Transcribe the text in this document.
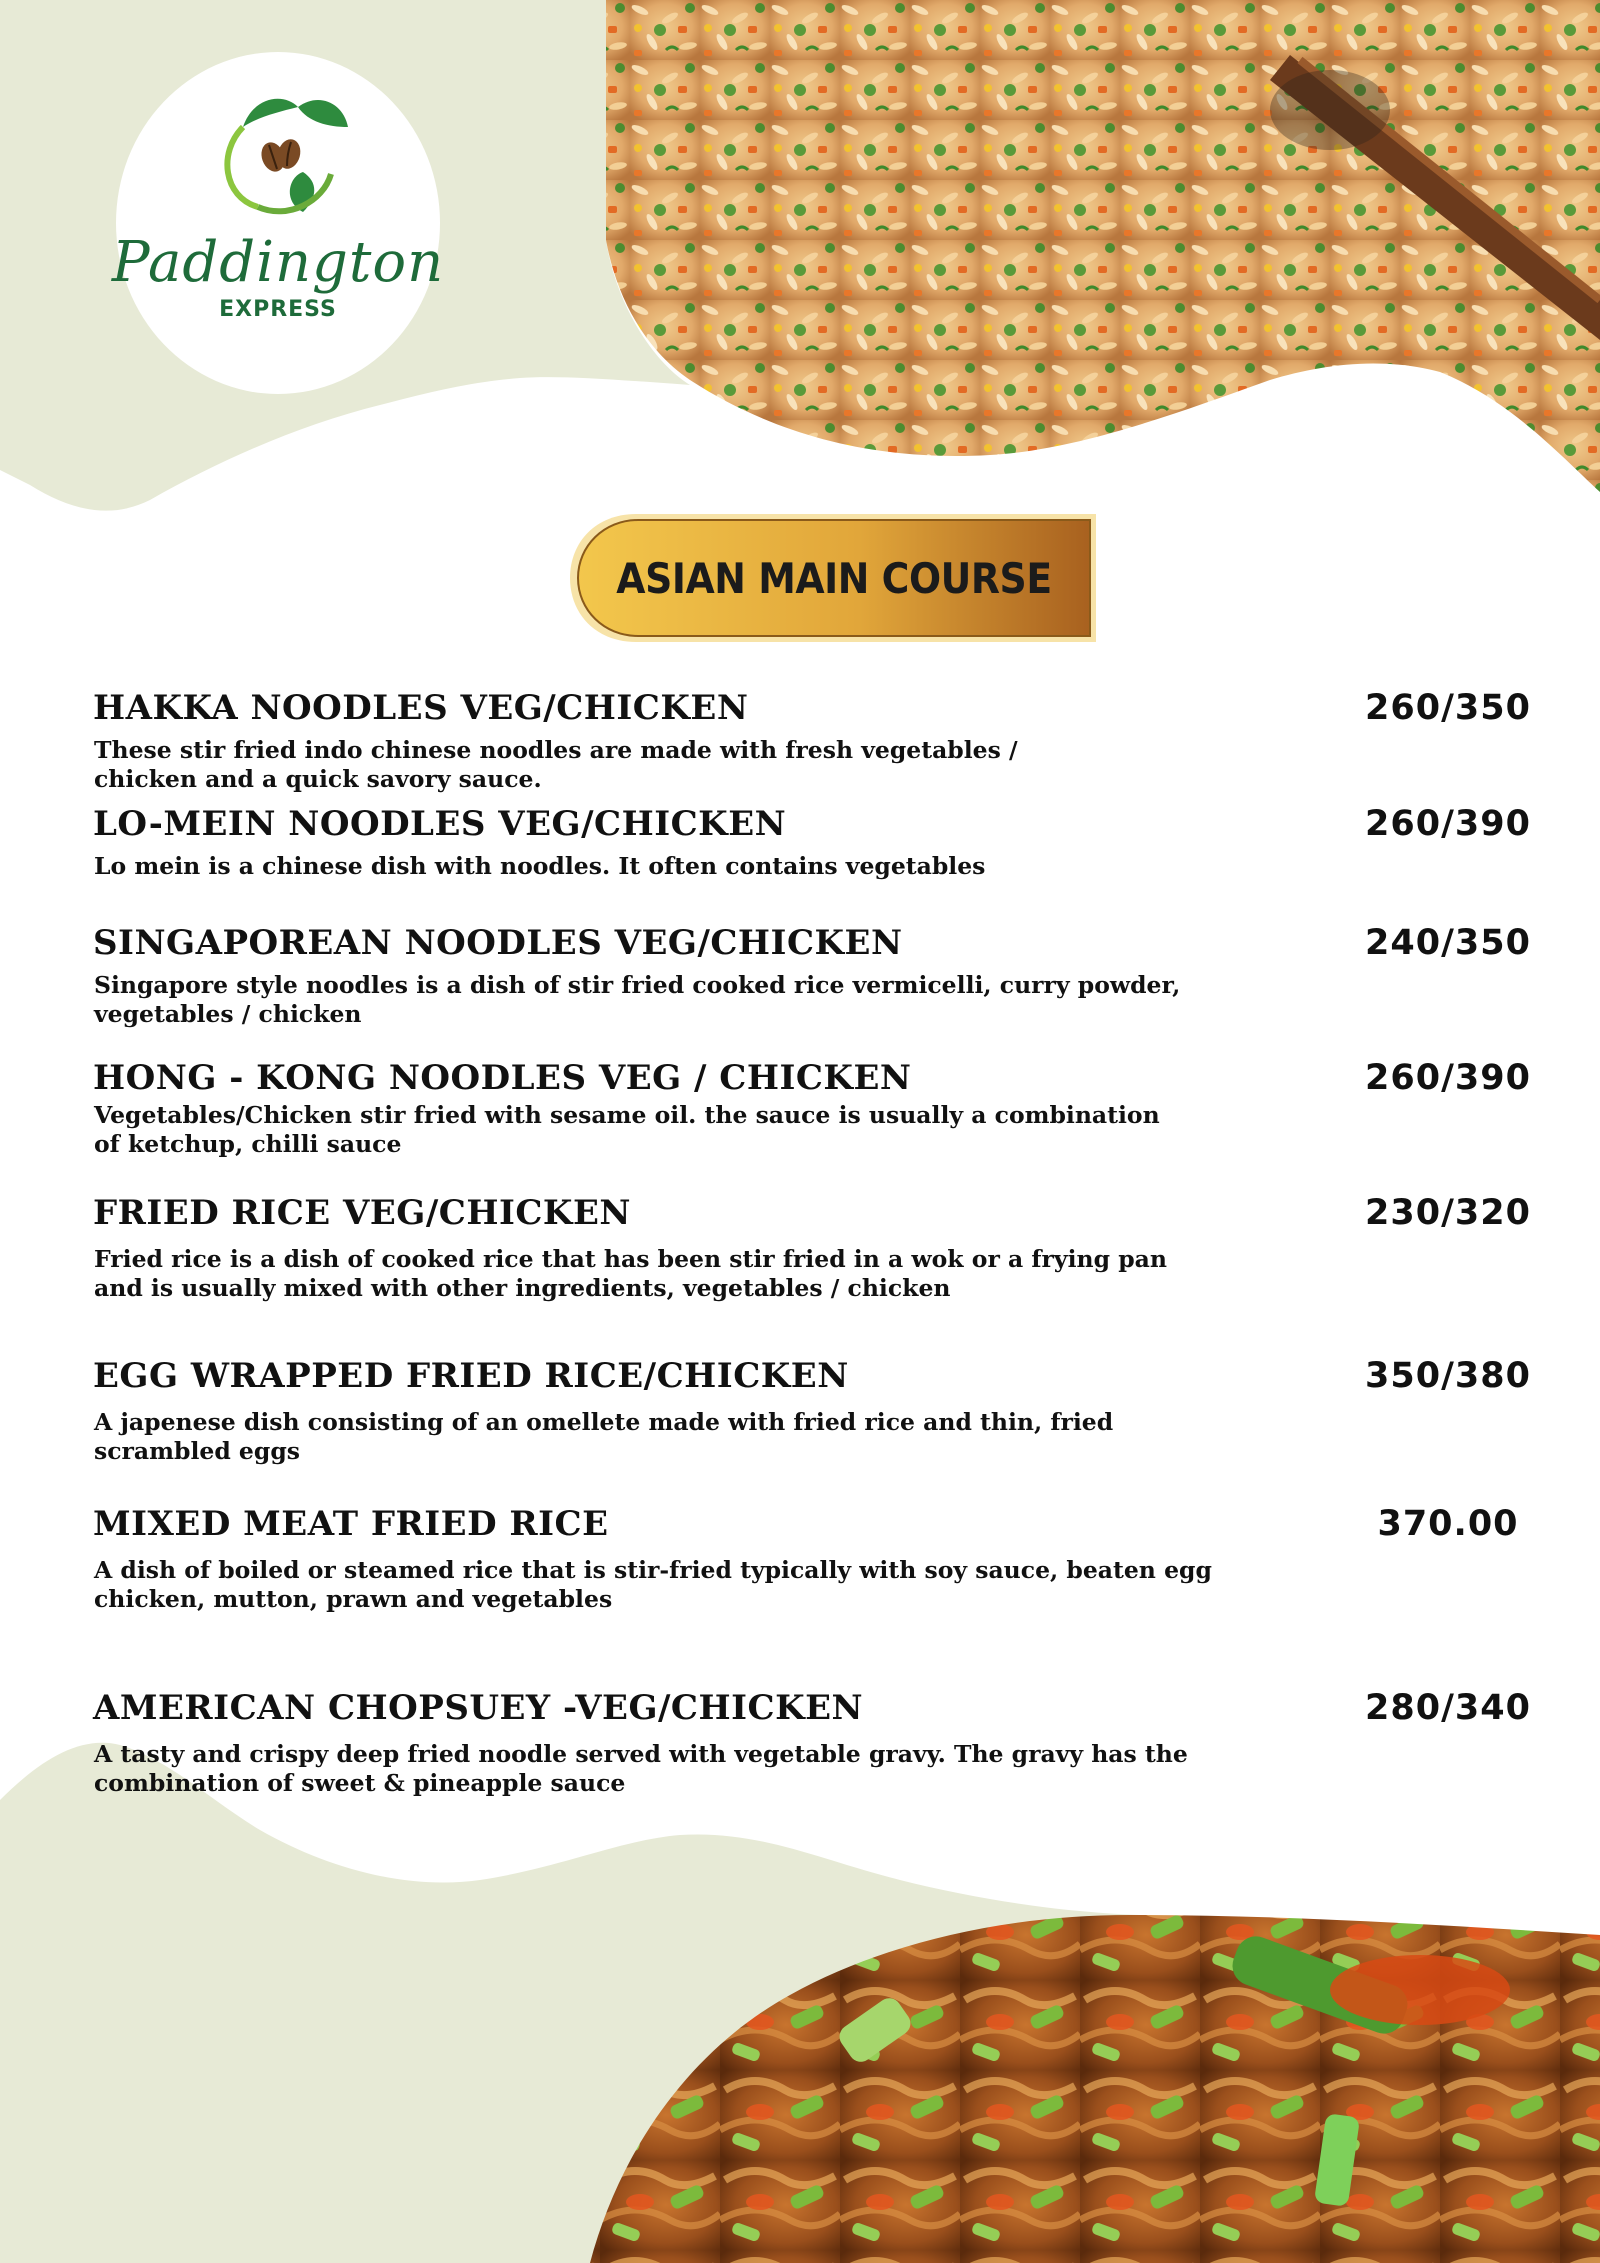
Paddington
EXPRESS
ASIAN MAIN COURSE
HAKKA NOODLES VEG/CHICKEN	260/350
These stir fried indo chinese noodles are made with fresh vegetables /
chicken and a quick savory sauce.
LO-MEIN NOODLES VEG/CHICKEN	260/390
Lo mein is a chinese dish with noodles. It often contains vegetables
SINGAPOREAN NOODLES VEG/CHICKEN	240/350
Singapore style noodles is a dish of stir fried cooked rice vermicelli, curry powder,
vegetables / chicken
HONG - KONG NOODLES VEG / CHICKEN	260/390
Vegetables/Chicken stir fried with sesame oil. the sauce is usually a combination
of ketchup, chilli sauce
FRIED RICE VEG/CHICKEN	230/320
Fried rice is a dish of cooked rice that has been stir fried in a wok or a frying pan
and is usually mixed with other ingredients, vegetables / chicken
EGG WRAPPED FRIED RICE/CHICKEN	350/380
A japenese dish consisting of an omellete made with fried rice and thin, fried
scrambled eggs
MIXED MEAT FRIED RICE	370.00
A dish of boiled or steamed rice that is stir-fried typically with soy sauce, beaten egg
chicken, mutton, prawn and vegetables
AMERICAN CHOPSUEY -VEG/CHICKEN	280/340
A tasty and crispy deep fried noodle served with vegetable gravy. The gravy has the
combination of sweet & pineapple sauce
